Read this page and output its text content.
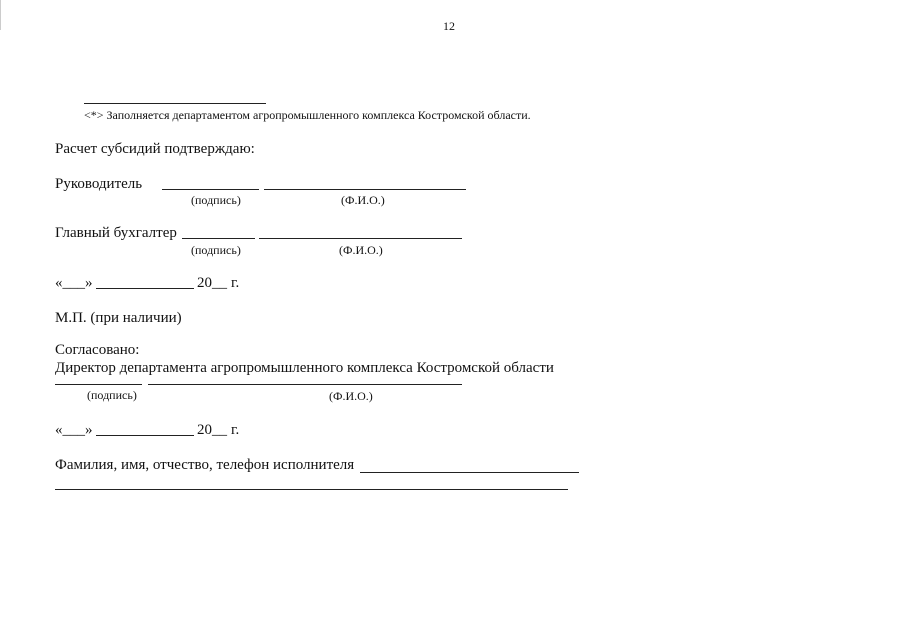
12
<*> Заполняется департаментом агропромышленного комплекса Костромской области.
Расчет субсидий подтверждаю:
Руководитель
(подпись)	(Ф.И.О.)
Главный бухгалтер
(подпись)	(Ф.И.О.)
«___»	20__ г.
М.П. (при наличии)
Согласовано:
Директор департамента агропромышленного комплекса Костромской области
(подпись)	(Ф.И.О.)
«___»	20__ г.
Фамилия, имя, отчество, телефон исполнителя
